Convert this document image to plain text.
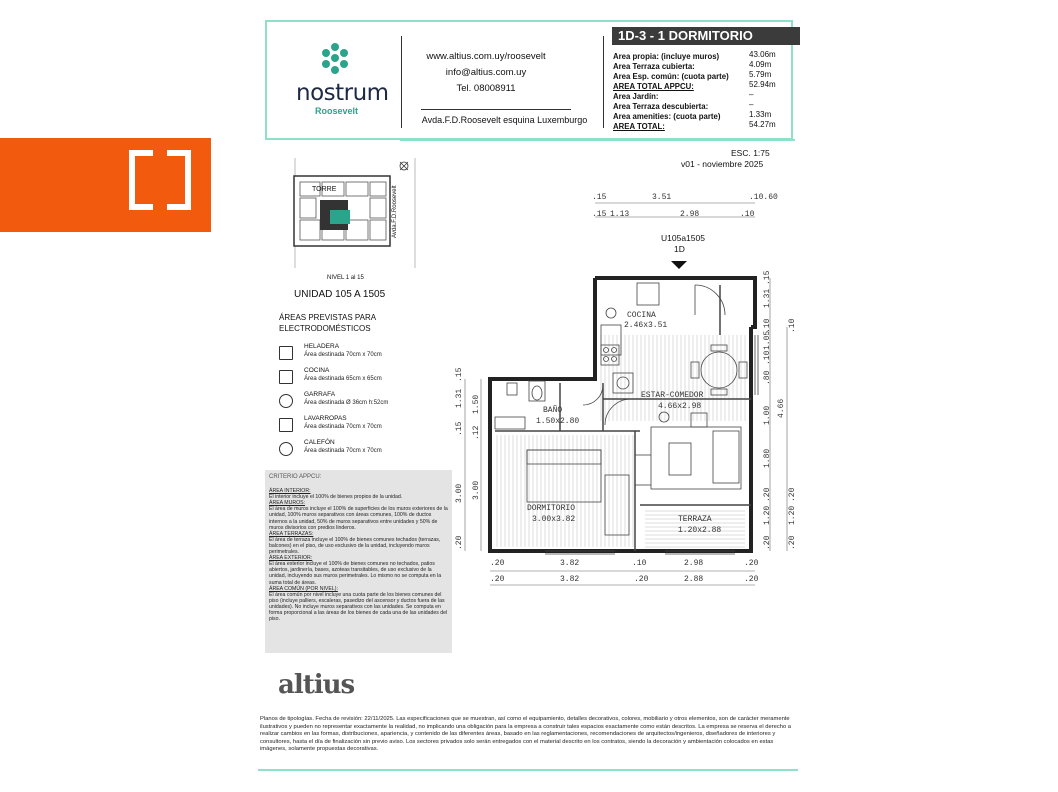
nostrum
Roosevelt
www.altius.com.uy/roosevelt
info@altius.com.uy
Tel. 08008911
Avda.F.D.Roosevelt esquina Luxemburgo
1D-3 - 1 DORMITORIO
Area propia: (incluye muros)	43.06m
Area Terraza cubierta:	4.09m
Area Esp. común: (cuota parte)	5.79m
AREA TOTAL APPCU:	52.94m
Area Jardín:	–
Area Terraza descubierta:	–
Area amenities: (cuota parte)	1.33m
AREA TOTAL:	54.27m
ESC. 1:75
v01 - noviembre 2025
TORRE	Avda.F.D.Roosevelt
NIVEL 1 al 15
UNIDAD 105 A 1505
ÁREAS PREVISTAS PARA ELECTRODOMÉSTICOS
HELADERA
Área destinada 70cm x 70cm
COCINA
Área destinada 65cm x 65cm
GARRAFA
Área destinada Ø 36cm h:52cm
LAVARROPAS
Área destinada 70cm x 70cm
CALEFÓN
Área destinada 70cm x 70cm
CRITERIO APPCU:
ÁREA INTERIOR:
El interior incluye el 100% de bienes propios de la unidad.
ÁREA MUROS:
El área de muros incluye el 100% de superficies de los muros exteriores de la unidad, 100% muros separativos con áreas comunes, 100% de ductos internos a la unidad, 50% de muros separativos entre unidades y 50% de muros divisorios con predios linderos.
ÁREA TERRAZAS:
El área de terraza incluye el 100% de bienes comunes techados (terrazas, balcones) en el piso, de uso exclusivo de la unidad, incluyendo muros perimetrales.
ÁREA EXTERIOR:
El área exterior incluye el 100% de bienes comunes no techados, patios abiertos, jardinería, bases, azoteas transitables, de uso exclusivo de la unidad, incluyendo sus muros perimetrales. Lo mismo no se computa en la suma total de áreas.
ÁREA COMÚN (POR NIVEL):
El área común por nivel incluye una cuota parte de los bienes comunes del piso (incluye palliers, escaleras, pasedizo del ascensor y ductos fuera de las unidades). No incluye muros separativos con las unidades. Se computa en forma proporcional a las áreas de los bienes de cada una de las unidades del piso.
U105a1505
1D
COCINA
2.46x3.51
ESTAR-COMEDOR
4.66x2.98
BAÑO
1.50x2.80
DORMITORIO
3.00x3.82	TERRAZA
1.20x2.88
.15	3.51	.10.60
.15 1.13	2.98	.10
.20	3.82	.10	2.98	.20
.20	3.82	.20	2.88	.20
.15
1.31
.10
1.05
.10
.80
1.00
1.80
.20
1.20
.20
4.66
.10
.20
1.20
.20
.15
1.31
.15
3.00
.20
1.50
.12
3.00
altius
Planos de tipologías. Fecha de revisión: 22/11/2025. Las especificaciones que se muestran, así como el equipamiento, detalles decorativos, colores, mobiliario y otros elementos, son de carácter meramente ilustrativos y pueden no representar exactamente la realidad, no implicando una obligación para la empresa a construir tales espacios exactamente como están descritos. La empresa se reserva el derecho a realizar cambios en las formas, distribuciones, apariencia, y contenido de las diferentes áreas, basado en las reglamentaciones, recomendaciones de arquitectos/ingenieros, diseñadores de interiores y consultores, hasta el día de finalización sin previo aviso. Los sectores privados solo serán entregados con el material descrito en los contratos, siendo la decoración y ambientación colocados en estas imágenes, solamente propuestas decorativas.
